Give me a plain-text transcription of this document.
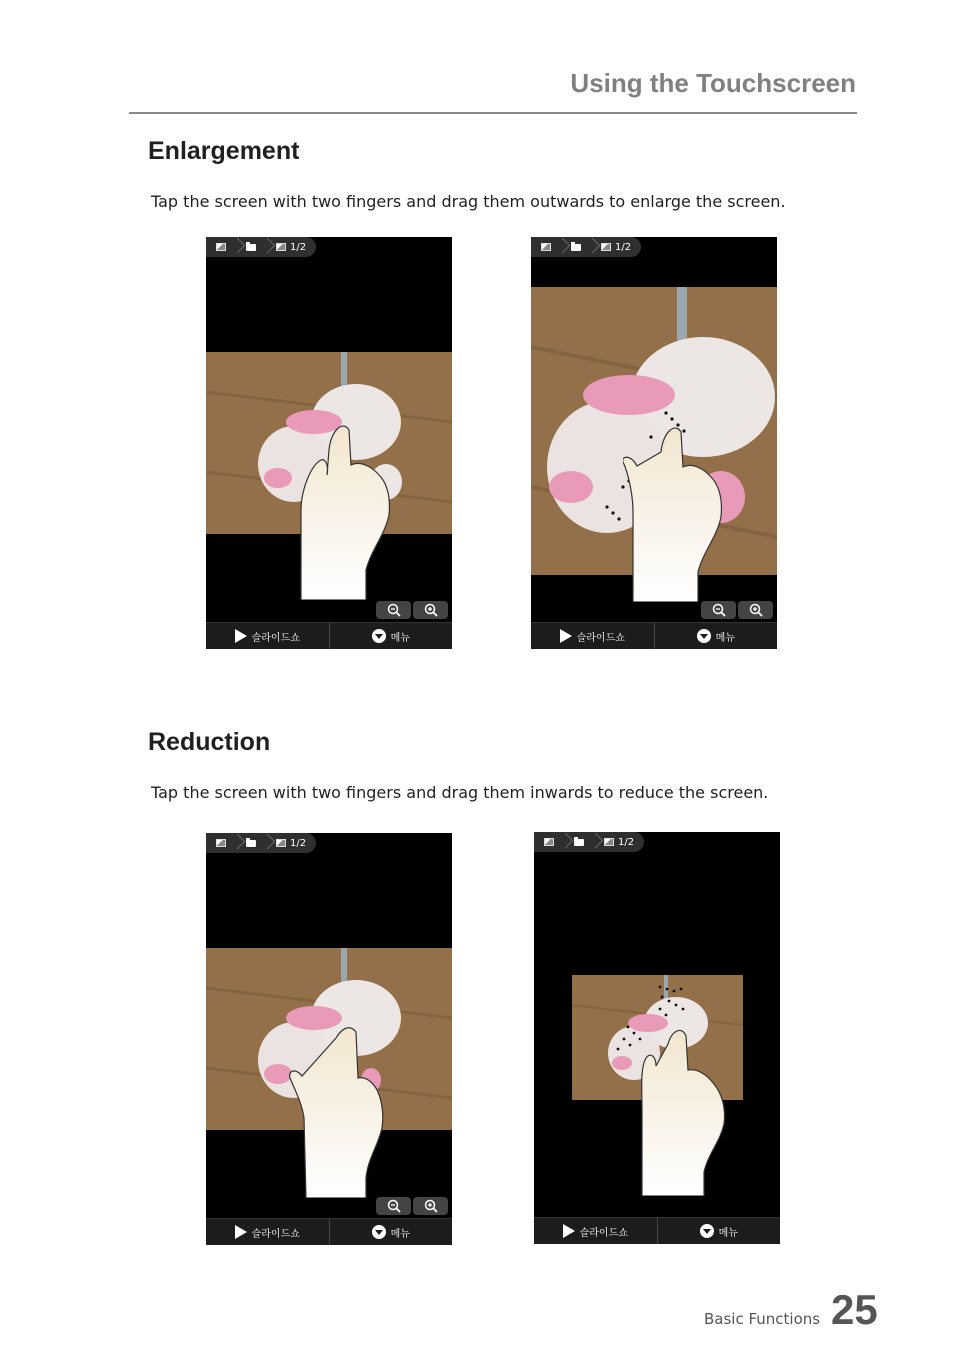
Using the Touchscreen
Enlargement

Tap the screen with two fingers and drag them outwards to enlarge the screen.

Reduction

Tap the screen with two fingers and drag them inwards to reduce the screen.

1/2
슬라이드쇼	메뉴
1/2
슬라이드쇼	메뉴
1/2
슬라이드쇼	메뉴
1/2
슬라이드쇼	메뉴
Basic Functions 25
